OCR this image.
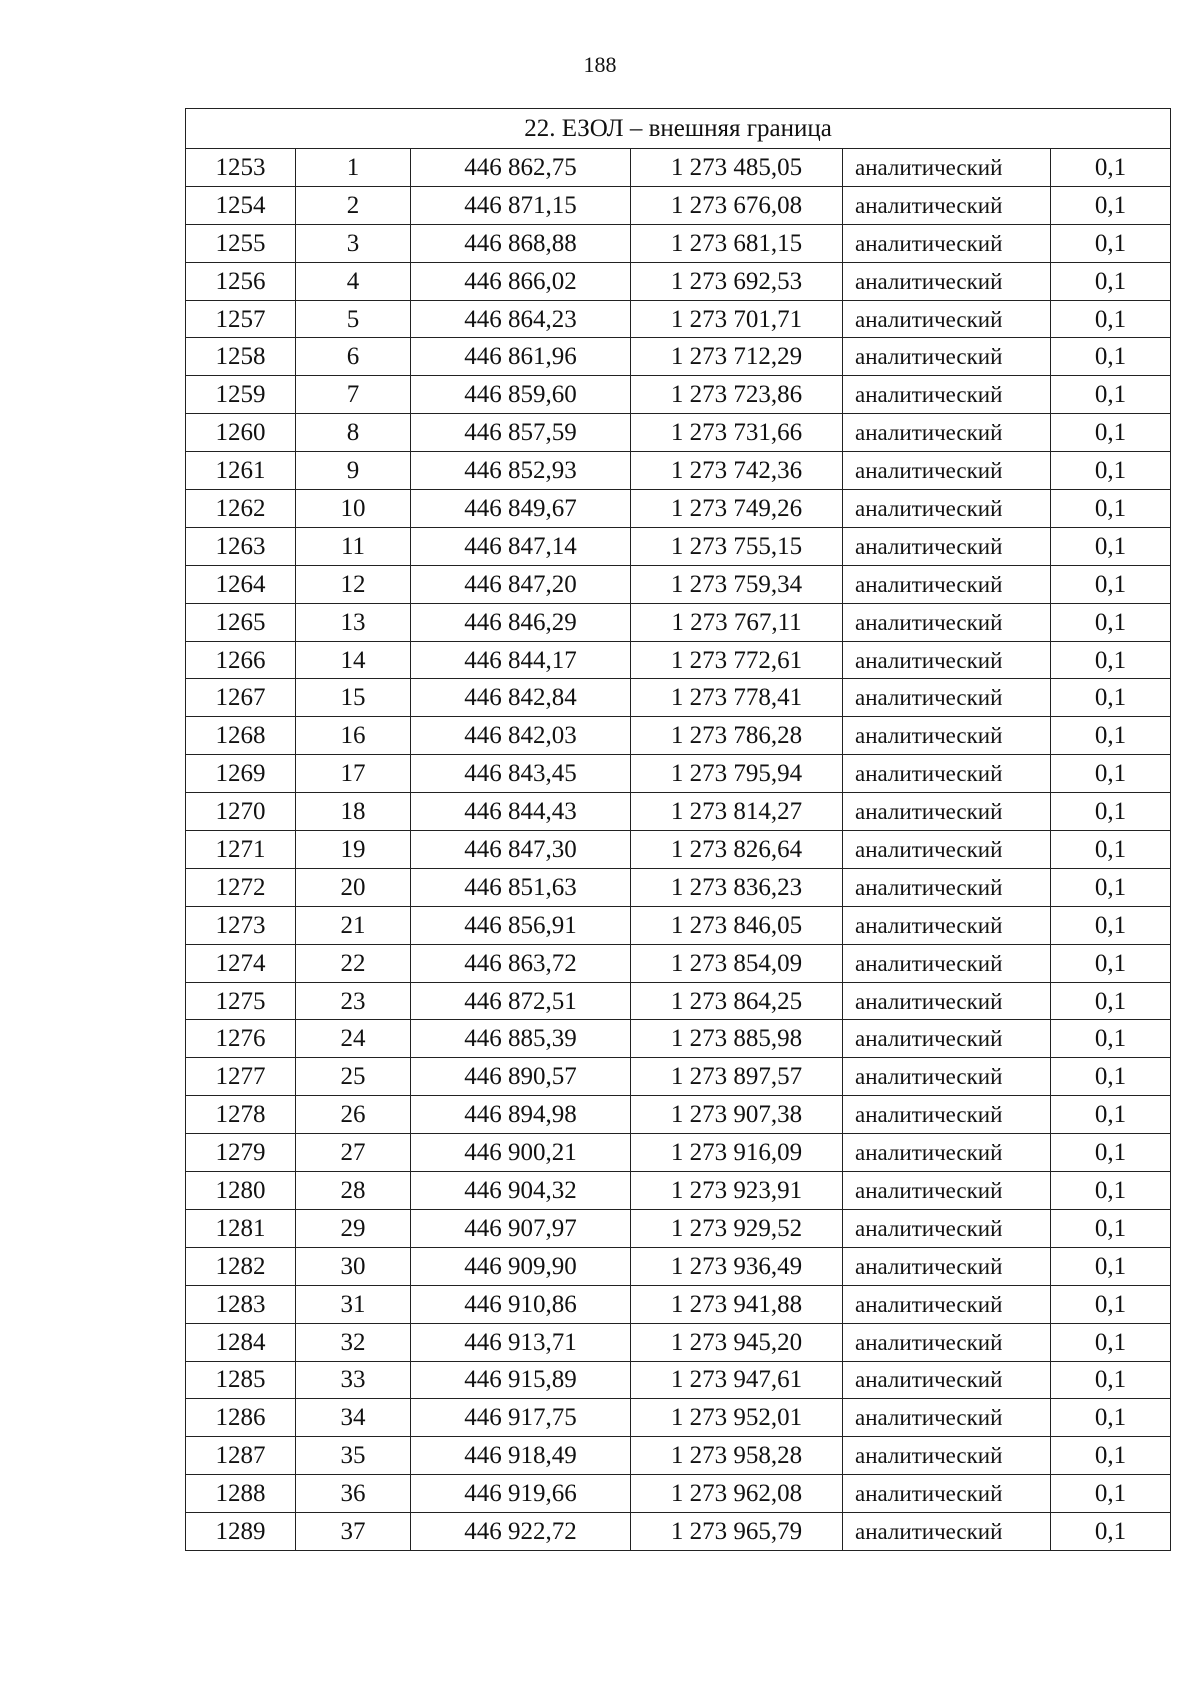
188
22. ЕЗОЛ – внешняя граница					
1253	1	446 862,75	1 273 485,05	аналитический	0,1
1254	2	446 871,15	1 273 676,08	аналитический	0,1
1255	3	446 868,88	1 273 681,15	аналитический	0,1
1256	4	446 866,02	1 273 692,53	аналитический	0,1
1257	5	446 864,23	1 273 701,71	аналитический	0,1
1258	6	446 861,96	1 273 712,29	аналитический	0,1
1259	7	446 859,60	1 273 723,86	аналитический	0,1
1260	8	446 857,59	1 273 731,66	аналитический	0,1
1261	9	446 852,93	1 273 742,36	аналитический	0,1
1262	10	446 849,67	1 273 749,26	аналитический	0,1
1263	11	446 847,14	1 273 755,15	аналитический	0,1
1264	12	446 847,20	1 273 759,34	аналитический	0,1
1265	13	446 846,29	1 273 767,11	аналитический	0,1
1266	14	446 844,17	1 273 772,61	аналитический	0,1
1267	15	446 842,84	1 273 778,41	аналитический	0,1
1268	16	446 842,03	1 273 786,28	аналитический	0,1
1269	17	446 843,45	1 273 795,94	аналитический	0,1
1270	18	446 844,43	1 273 814,27	аналитический	0,1
1271	19	446 847,30	1 273 826,64	аналитический	0,1
1272	20	446 851,63	1 273 836,23	аналитический	0,1
1273	21	446 856,91	1 273 846,05	аналитический	0,1
1274	22	446 863,72	1 273 854,09	аналитический	0,1
1275	23	446 872,51	1 273 864,25	аналитический	0,1
1276	24	446 885,39	1 273 885,98	аналитический	0,1
1277	25	446 890,57	1 273 897,57	аналитический	0,1
1278	26	446 894,98	1 273 907,38	аналитический	0,1
1279	27	446 900,21	1 273 916,09	аналитический	0,1
1280	28	446 904,32	1 273 923,91	аналитический	0,1
1281	29	446 907,97	1 273 929,52	аналитический	0,1
1282	30	446 909,90	1 273 936,49	аналитический	0,1
1283	31	446 910,86	1 273 941,88	аналитический	0,1
1284	32	446 913,71	1 273 945,20	аналитический	0,1
1285	33	446 915,89	1 273 947,61	аналитический	0,1
1286	34	446 917,75	1 273 952,01	аналитический	0,1
1287	35	446 918,49	1 273 958,28	аналитический	0,1
1288	36	446 919,66	1 273 962,08	аналитический	0,1
1289	37	446 922,72	1 273 965,79	аналитический	0,1
